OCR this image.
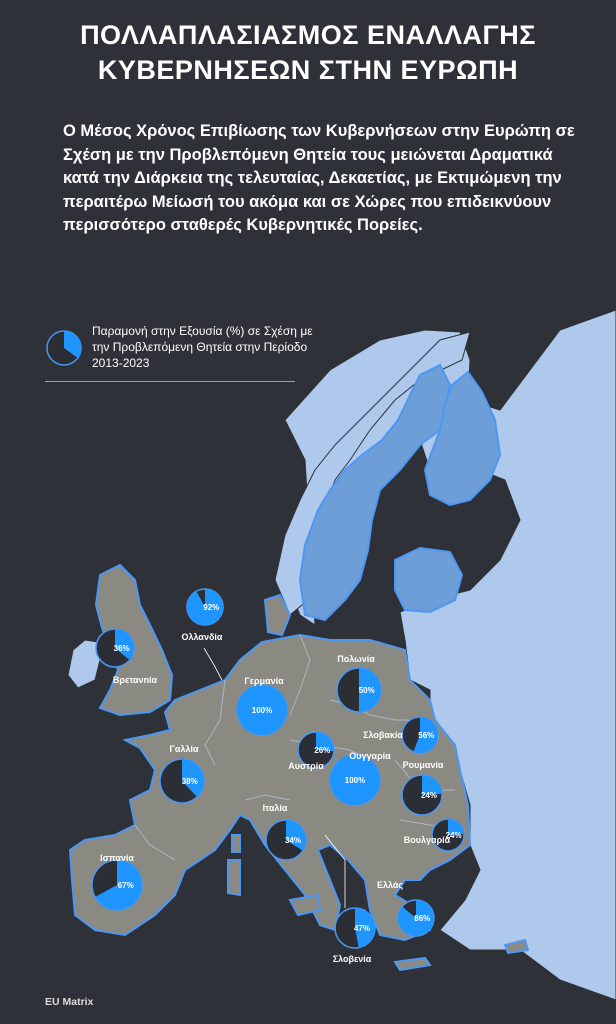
92%
Ολλανδία
36%
Βρετανnία
50%
Πολωνία
100%
Γερμανία
56%
Σλοβακία
100%
Ουγγαρία
26%
Αυστρία
38%
Γαλλία
24%
Ρουμανία
24%
Βουλγαρία
34%
Ιταλία
67%
Ισπανία
86%
Ελλάς
47%
Σλοβενία
ΠΟΛΛΑΠΛΑΣΙΑΣΜΟΣ ΕΝΑΛΛΑΓΗΣ ΚΥΒΕΡΝΗΣΕΩΝ ΣΤΗΝ ΕΥΡΩΠΗ
Ο Μέσος Χρόνος Επιβίωσης των Κυβερνήσεων στην Ευρώπη σε Σχέση με την Προβλεπόμενη Θητεία τους μειώνεται Δραματικά κατά την Διάρκεια της τελευταίας, Δεκαετίας, με Εκτιμώμενη την περαιτέρω Μείωσή του ακόμα και σε Χώρες που επιδεικνύουν περισσότερο σταθερές Κυβερνητικές Πορείες.
Παραμονή στην Εξουσία (%) σε Σχέση με την Προβλεπόμενη Θητεία στην Περίοδο 2013-2023
EU Matrix
